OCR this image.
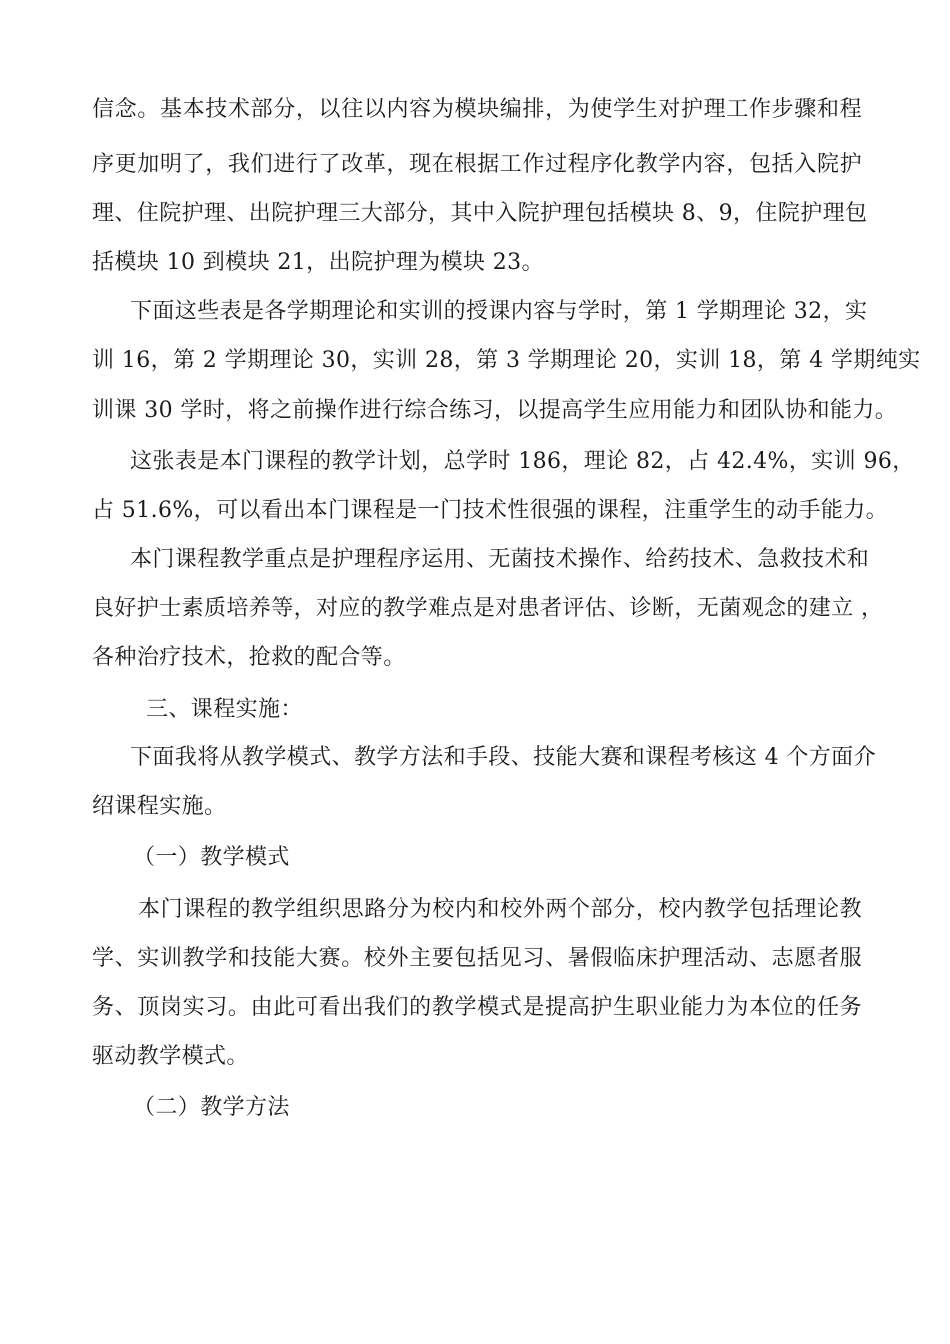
信念。基本技术部分，以往以内容为模块编排，为使学生对护理工作步骤和程
序更加明了，我们进行了改革，现在根据工作过程序化教学内容，包括入院护
理、住院护理、出院护理三大部分，其中入院护理包括模块 8、9，住院护理包
括模块 10 到模块 21，出院护理为模块 23。
下面这些表是各学期理论和实训的授课内容与学时，第 1 学期理论 32，实
训 16，第 2 学期理论 30，实训 28，第 3 学期理论 20，实训 18，第 4 学期纯实
训课 30 学时，将之前操作进行综合练习，以提高学生应用能力和团队协和能力。
这张表是本门课程的教学计划，总学时 186，理论 82，占 42.4%，实训 96，
占 51.6%，可以看出本门课程是一门技术性很强的课程，注重学生的动手能力。
本门课程教学重点是护理程序运用、无菌技术操作、给药技术、急救技术和
良好护士素质培养等，对应的教学难点是对患者评估、诊断，无菌观念的建立 ，
各种治疗技术，抢救的配合等。
三、课程实施：
下面我将从教学模式、教学方法和手段、技能大赛和课程考核这 4 个方面介
绍课程实施。
（一）教学模式
本门课程的教学组织思路分为校内和校外两个部分，校内教学包括理论教
学、实训教学和技能大赛。校外主要包括见习、暑假临床护理活动、志愿者服
务、顶岗实习。由此可看出我们的教学模式是提高护生职业能力为本位的任务
驱动教学模式。
（二）教学方法
